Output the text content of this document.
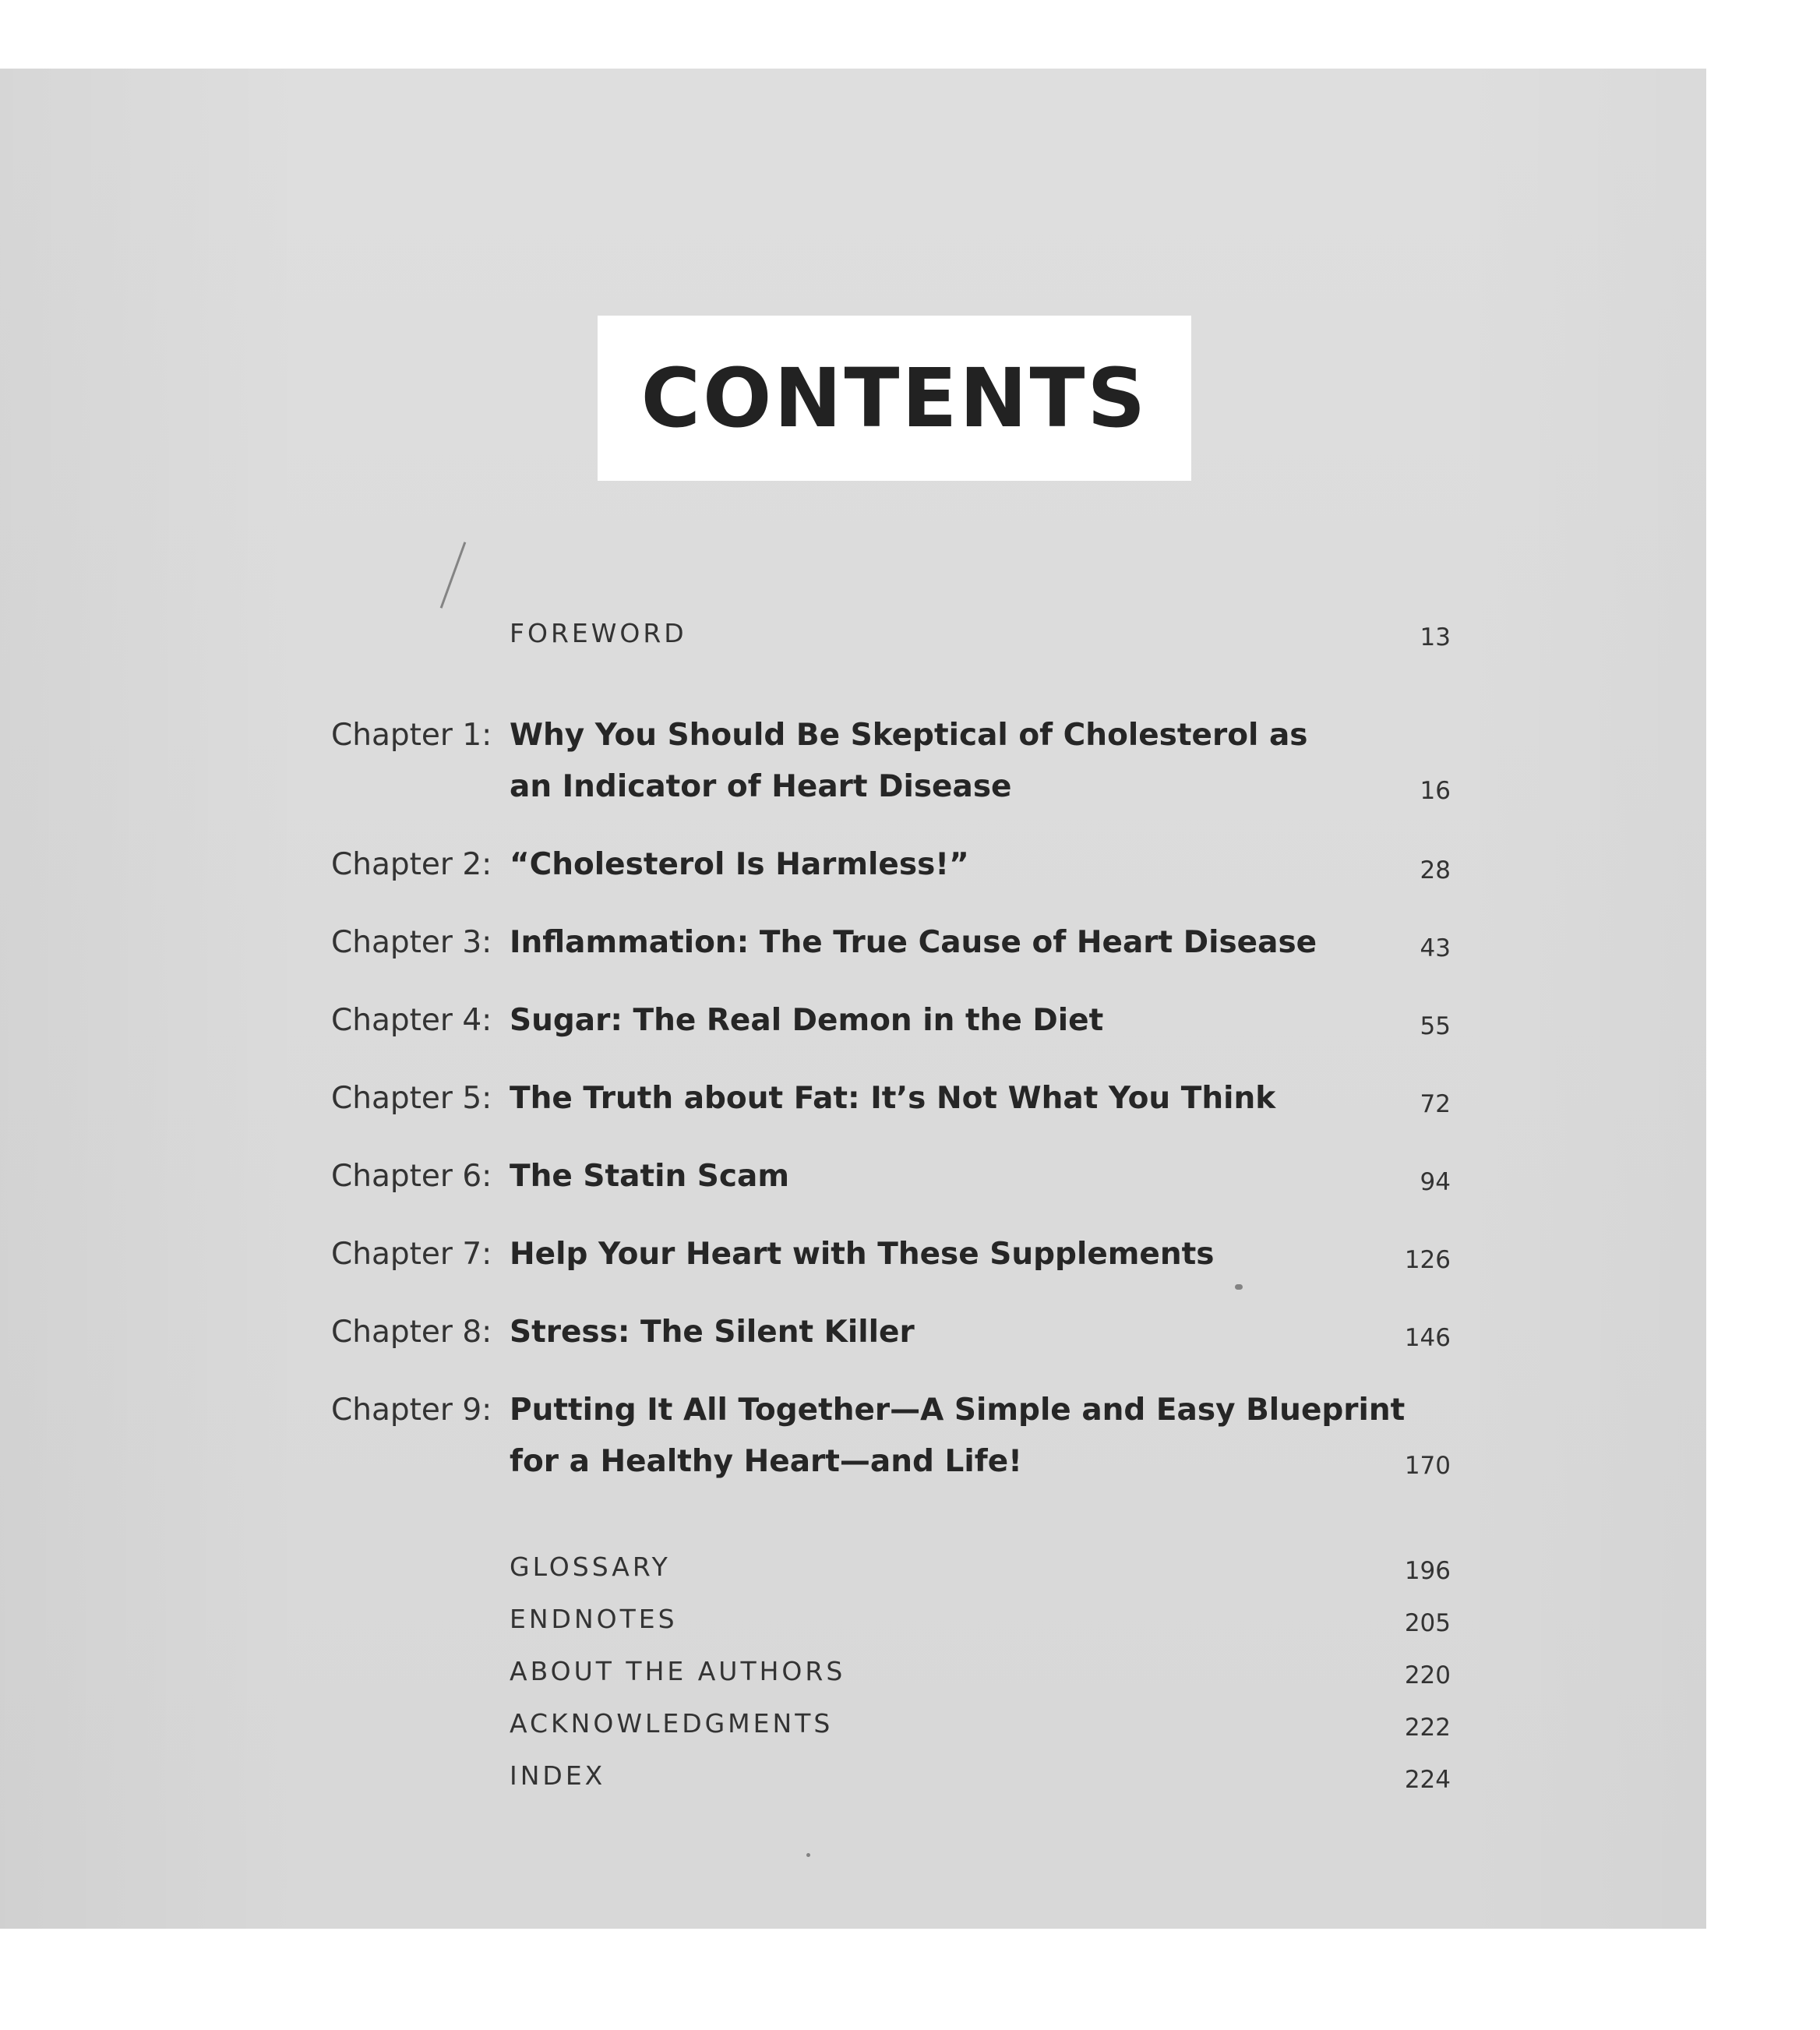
CONTENTS
FOREWORD	13
Chapter 1: Why You Should Be Skeptical of Cholesterol as
an Indicator of Heart Disease	16
Chapter 2: “Cholesterol Is Harmless!”	28
Chapter 3: Inflammation: The True Cause of Heart Disease	43
Chapter 4: Sugar: The Real Demon in the Diet	55
Chapter 5: The Truth about Fat: It’s Not What You Think	72
Chapter 6: The Statin Scam	94
Chapter 7: Help Your Heart with These Supplements	126
Chapter 8: Stress: The Silent Killer	146
Chapter 9: Putting It All Together—A Simple and Easy Blueprint
for a Healthy Heart—and Life!	170
GLOSSARY	196
ENDNOTES	205
ABOUT THE AUTHORS	220
ACKNOWLEDGMENTS	222
INDEX	224
